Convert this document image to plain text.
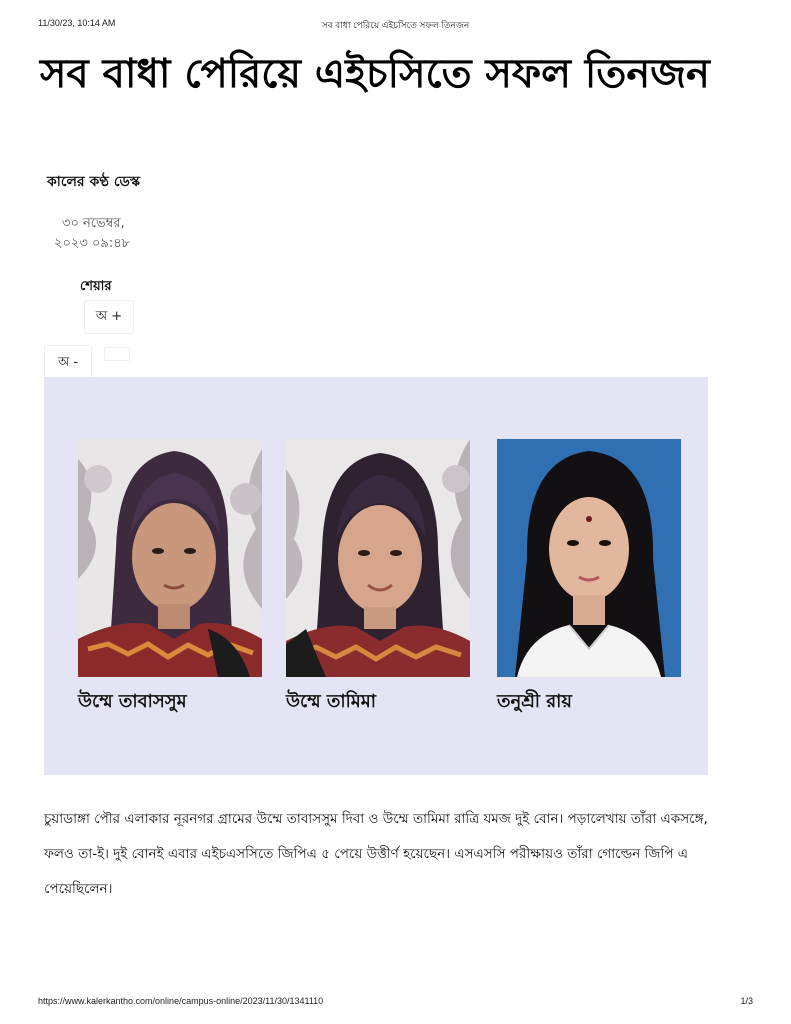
11/30/23, 10:14 AM	সব বাধা পেরিয়ে এইচসিতে সফল তিনজন
সব বাধা পেরিয়ে এইচসিতে সফল তিনজন
কালের কণ্ঠ ডেস্ক
৩০ নভেম্বর,
২০২৩ ০৯:৪৮
শেয়ার
অ +
অ -
উম্মে তাবাসসুম	উম্মে তামিমা	তনুশ্রী রায়

চুয়াডাঙ্গা পৌর এলাকার নূরনগর গ্রামের উম্মে তাবাসসুম দিবা ও উম্মে তামিমা রাত্রি যমজ দুই বোন। পড়ালেখায় তাঁরা একসঙ্গে, ফলও তা-ই। দুই বোনই এবার এইচএসসিতে জিপিএ ৫ পেয়ে উত্তীর্ণ হয়েছেন। এসএসসি পরীক্ষায়ও তাঁরা গোল্ডেন জিপি এ পেয়েছিলেন।

https://www.kalerkantho.com/online/campus-online/2023/11/30/1341110	1/3
